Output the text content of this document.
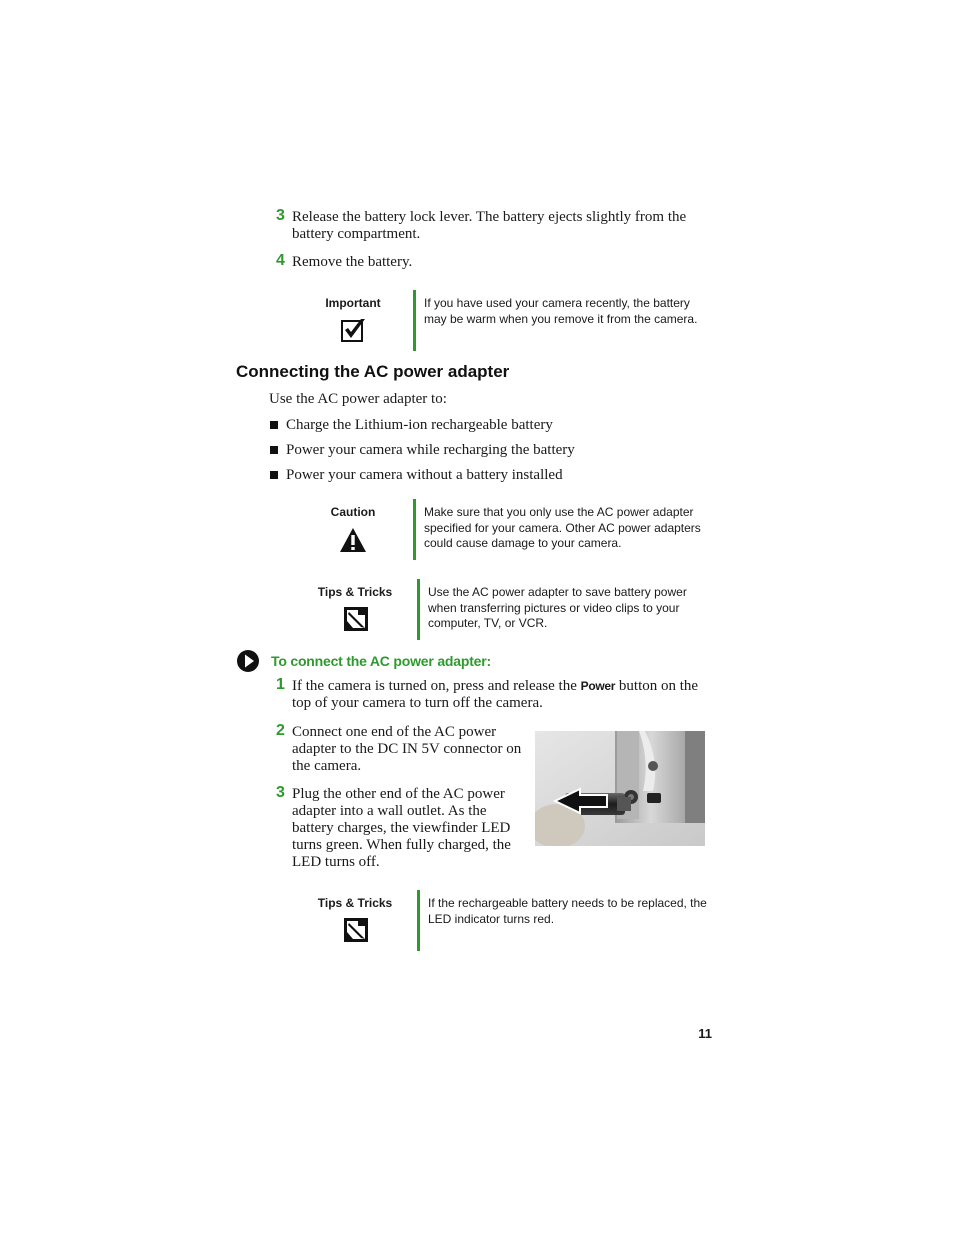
3 Release the battery lock lever. The battery ejects slightly from the battery compartment.
4 Remove the battery.
Important	If you have used your camera recently, the battery may be warm when you remove it from the camera.
Connecting the AC power adapter
Use the AC power adapter to:
Charge the Lithium-ion rechargeable battery
Power your camera while recharging the battery
Power your camera without a battery installed
Caution	Make sure that you only use the AC power adapter specified for your camera. Other AC power adapters could cause damage to your camera.
Tips & Tricks	Use the AC power adapter to save battery power when transferring pictures or video clips to your computer, TV, or VCR.
To connect the AC power adapter:
1 If the camera is turned on, press and release the Power button on the top of your camera to turn off the camera.
2 Connect one end of the AC power adapter to the DC IN 5V connector on the camera.
3 Plug the other end of the AC power adapter into a wall outlet. As the battery charges, the viewfinder LED turns green. When fully charged, the LED turns off.
Tips & Tricks	If the rechargeable battery needs to be replaced, the LED indicator turns red.
11
